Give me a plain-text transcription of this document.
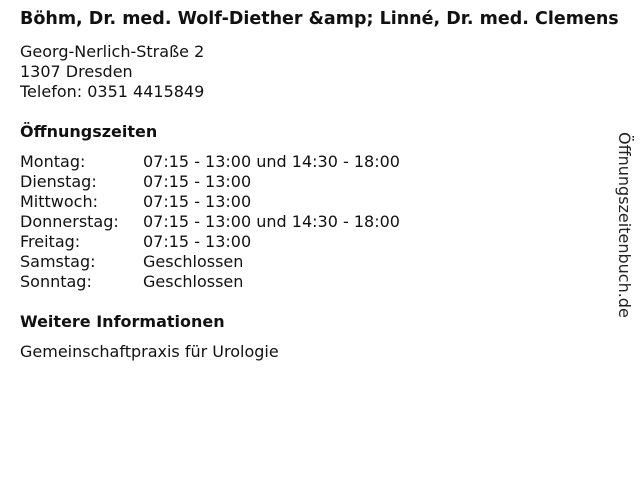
Böhm, Dr. med. Wolf-Diether &amp; Linné, Dr. med. Clemens
Georg-Nerlich-Straße 2
1307 Dresden
Telefon: 0351 4415849
Öffnungszeiten
Montag:	07:15 - 13:00 und 14:30 - 18:00
Dienstag:	07:15 - 13:00
Mittwoch:	07:15 - 13:00
Donnerstag:	07:15 - 13:00 und 14:30 - 18:00
Freitag:	07:15 - 13:00
Samstag:	Geschlossen
Sonntag:	Geschlossen
Weitere Informationen
Gemeinschaftpraxis für Urologie
Öffnungszeitenbuch.de
